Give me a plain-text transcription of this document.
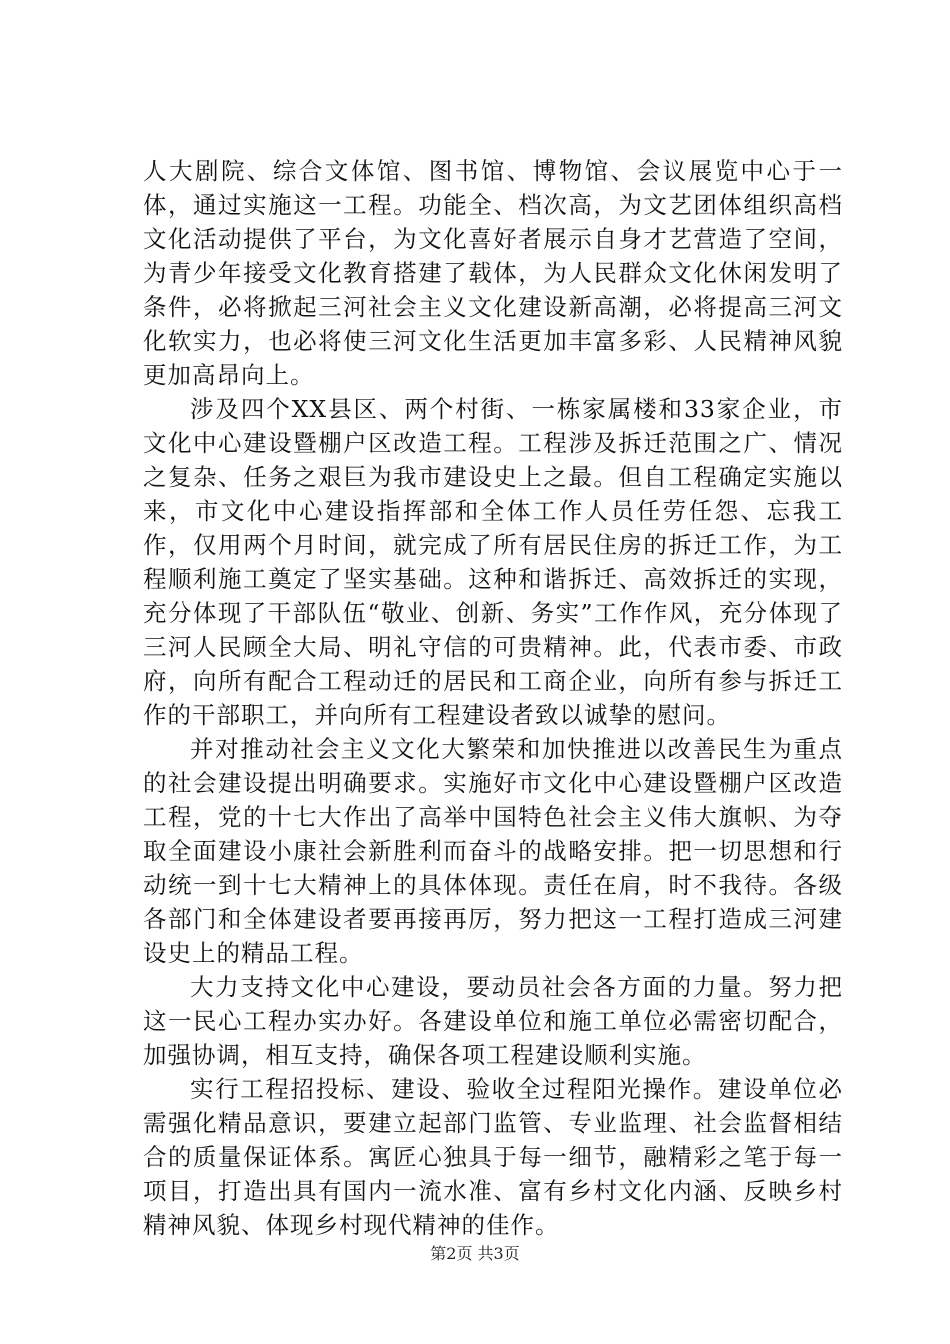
人大剧院、综合文体馆、图书馆、博物馆、会议展览中心于一体，通过实施这一工程。功能全、档次高，为文艺团体组织高档文化活动提供了平台，为文化喜好者展示自身才艺营造了空间，为青少年接受文化教育搭建了载体，为人民群众文化休闲发明了条件，必将掀起三河社会主义文化建设新高潮，必将提高三河文化软实力，也必将使三河文化生活更加丰富多彩、人民精神风貌更加高昂向上。

涉及四个XX县区、两个村街、一栋家属楼和33家企业，市文化中心建设暨棚户区改造工程。工程涉及拆迁范围之广、情况之复杂、任务之艰巨为我市建设史上之最。但自工程确定实施以来，市文化中心建设指挥部和全体工作人员任劳任怨、忘我工作，仅用两个月时间，就完成了所有居民住房的拆迁工作，为工程顺利施工奠定了坚实基础。这种和谐拆迁、高效拆迁的实现，充分体现了干部队伍“敬业、创新、务实”工作作风，充分体现了三河人民顾全大局、明礼守信的可贵精神。此，代表市委、市政府，向所有配合工程动迁的居民和工商企业，向所有参与拆迁工作的干部职工，并向所有工程建设者致以诚挚的慰问。

并对推动社会主义文化大繁荣和加快推进以改善民生为重点的社会建设提出明确要求。实施好市文化中心建设暨棚户区改造工程，党的十七大作出了高举中国特色社会主义伟大旗帜、为夺取全面建设小康社会新胜利而奋斗的战略安排。把一切思想和行动统一到十七大精神上的具体体现。责任在肩，时不我待。各级各部门和全体建设者要再接再厉，努力把这一工程打造成三河建设史上的精品工程。

大力支持文化中心建设，要动员社会各方面的力量。努力把这一民心工程办实办好。各建设单位和施工单位必需密切配合，加强协调，相互支持，确保各项工程建设顺利实施。

实行工程招投标、建设、验收全过程阳光操作。建设单位必需强化精品意识，要建立起部门监管、专业监理、社会监督相结合的质量保证体系。寓匠心独具于每一细节，融精彩之笔于每一项目，打造出具有国内一流水准、富有乡村文化内涵、反映乡村精神风貌、体现乡村现代精神的佳作。

第2页 共3页
